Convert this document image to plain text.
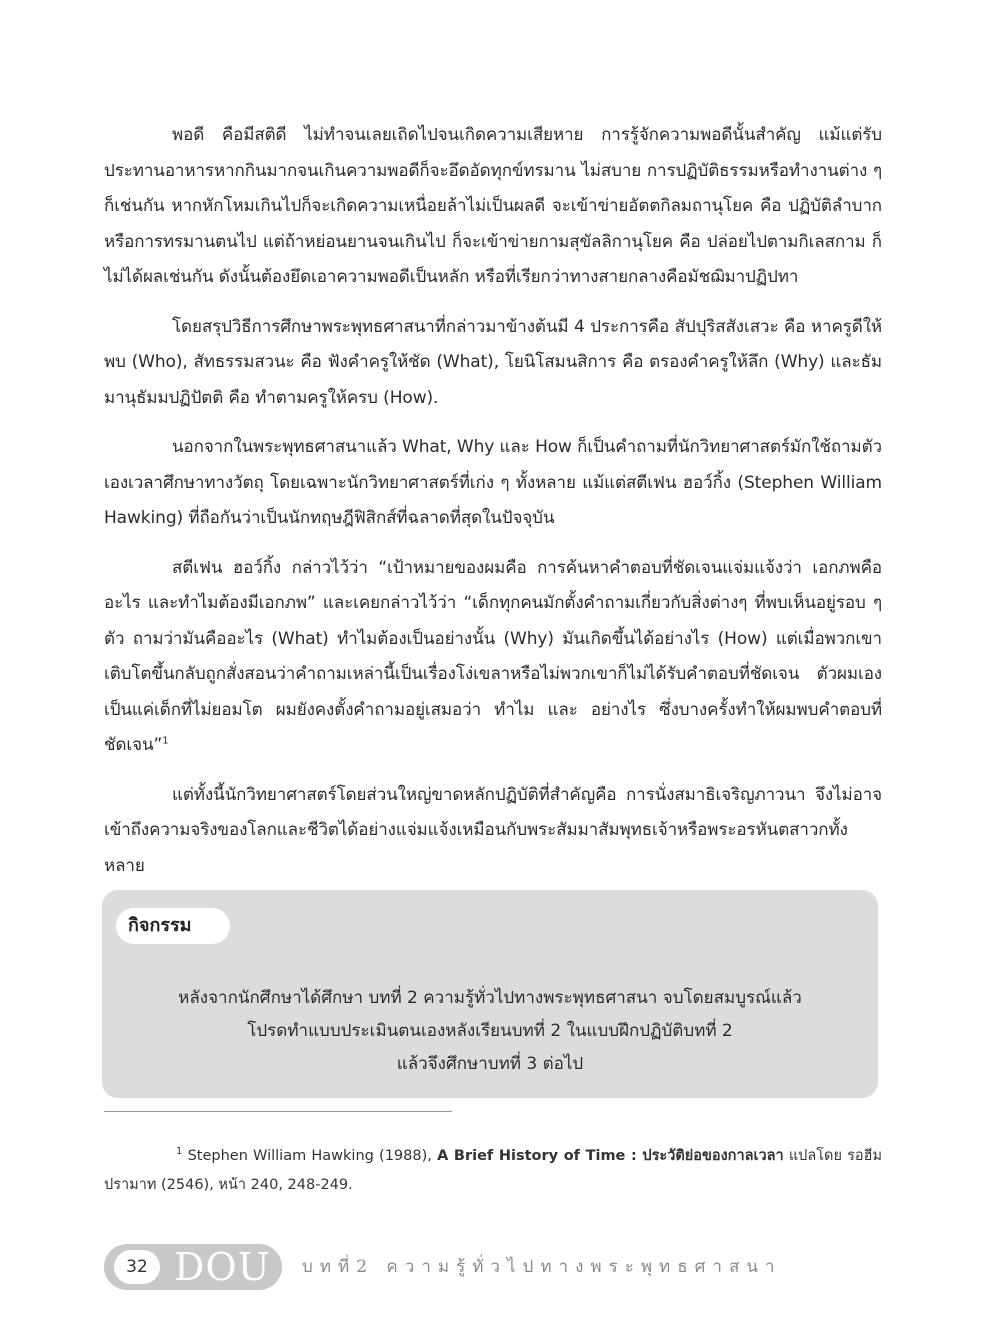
พอดี คือมีสติดี ไม่ทำจนเลยเถิดไปจนเกิดความเสียหาย การรู้จักความพอดีนั้นสำคัญ แม้แต่รับประทานอาหารหากกินมากจนเกินความพอดีก็จะอึดอัดทุกข์ทรมาน ไม่สบาย การปฏิบัติธรรมหรือทำงานต่าง ๆ ก็เช่นกัน หากหักโหมเกินไปก็จะเกิดความเหนื่อยล้าไม่เป็นผลดี จะเข้าข่ายอัตตกิลมถานุโยค คือ ปฏิบัติลำบากหรือการทรมานตนไป แต่ถ้าหย่อนยานจนเกินไป ก็จะเข้าข่ายกามสุขัลลิกานุโยค คือ ปล่อยไปตามกิเลสกาม ก็ไม่ได้ผลเช่นกัน ดังนั้นต้องยึดเอาความพอดีเป็นหลัก หรือที่เรียกว่าทางสายกลางคือมัชฌิมาปฏิปทา

โดยสรุปวิธีการศึกษาพระพุทธศาสนาที่กล่าวมาข้างต้นมี 4 ประการคือ สัปปุริสสังเสวะ คือ หาครูดีให้พบ (Who), สัทธรรมสวนะ คือ ฟังคำครูให้ชัด (What), โยนิโสมนสิการ คือ ตรองคำครูให้ลึก (Why) และธัมมานุธัมมปฏิปัตติ คือ ทำตามครูให้ครบ (How).

นอกจากในพระพุทธศาสนาแล้ว What, Why และ How ก็เป็นคำถามที่นักวิทยาศาสตร์มักใช้ถามตัวเองเวลาศึกษาทางวัตถุ โดยเฉพาะนักวิทยาศาสตร์ที่เก่ง ๆ ทั้งหลาย แม้แต่สตีเฟน ฮอว์กิ้ง (Stephen William Hawking) ที่ถือกันว่าเป็นนักทฤษฎีฟิสิกส์ที่ฉลาดที่สุดในปัจจุบัน

สตีเฟน ฮอว์กิ้ง กล่าวไว้ว่า “เป้าหมายของผมคือ การค้นหาคำตอบที่ชัดเจนแจ่มแจ้งว่า เอกภพคืออะไร และทำไมต้องมีเอกภพ” และเคยกล่าวไว้ว่า “เด็กทุกคนมักตั้งคำถามเกี่ยวกับสิ่งต่างๆ ที่พบเห็นอยู่รอบ ๆ ตัว ถามว่ามันคืออะไร (What) ทำไมต้องเป็นอย่างนั้น (Why) มันเกิดขึ้นได้อย่างไร (How) แต่เมื่อพวกเขาเติบโตขึ้นกลับถูกสั่งสอนว่าคำถามเหล่านี้เป็นเรื่องโง่เขลาหรือไม่พวกเขาก็ไม่ได้รับคำตอบที่ชัดเจน ตัวผมเองเป็นแค่เด็กที่ไม่ยอมโต ผมยังคงตั้งคำถามอยู่เสมอว่า ทำไม และ อย่างไร ซึ่งบางครั้งทำให้ผมพบคำตอบที่ชัดเจน”$^1$

แต่ทั้งนี้นักวิทยาศาสตร์โดยส่วนใหญ่ขาดหลักปฏิบัติที่สำคัญคือ การนั่งสมาธิเจริญภาวนา จึงไม่อาจเข้าถึงความจริงของโลกและชีวิตได้อย่างแจ่มแจ้งเหมือนกับพระสัมมาสัมพุทธเจ้าหรือพระอรหันตสาวกทั้งหลาย

กิจกรรม
หลังจากนักศึกษาได้ศึกษา บทที่ 2 ความรู้ทั่วไปทางพระพุทธศาสนา จบโดยสมบูรณ์แล้ว
โปรดทำแบบประเมินตนเองหลังเรียนบทที่ 2 ในแบบฝึกปฏิบัติบทที่ 2
แล้วจึงศึกษาบทที่ 3 ต่อไป
$^1$ Stephen William Hawking (1988), A Brief History of Time : ประวัติย่อของกาลเวลา แปลโดย รอฮีม ปรามาท (2546), หน้า 240, 248-249.
32 DOU บทที่2 ความรู้ทั่วไปทางพระพุทธศาสนา
